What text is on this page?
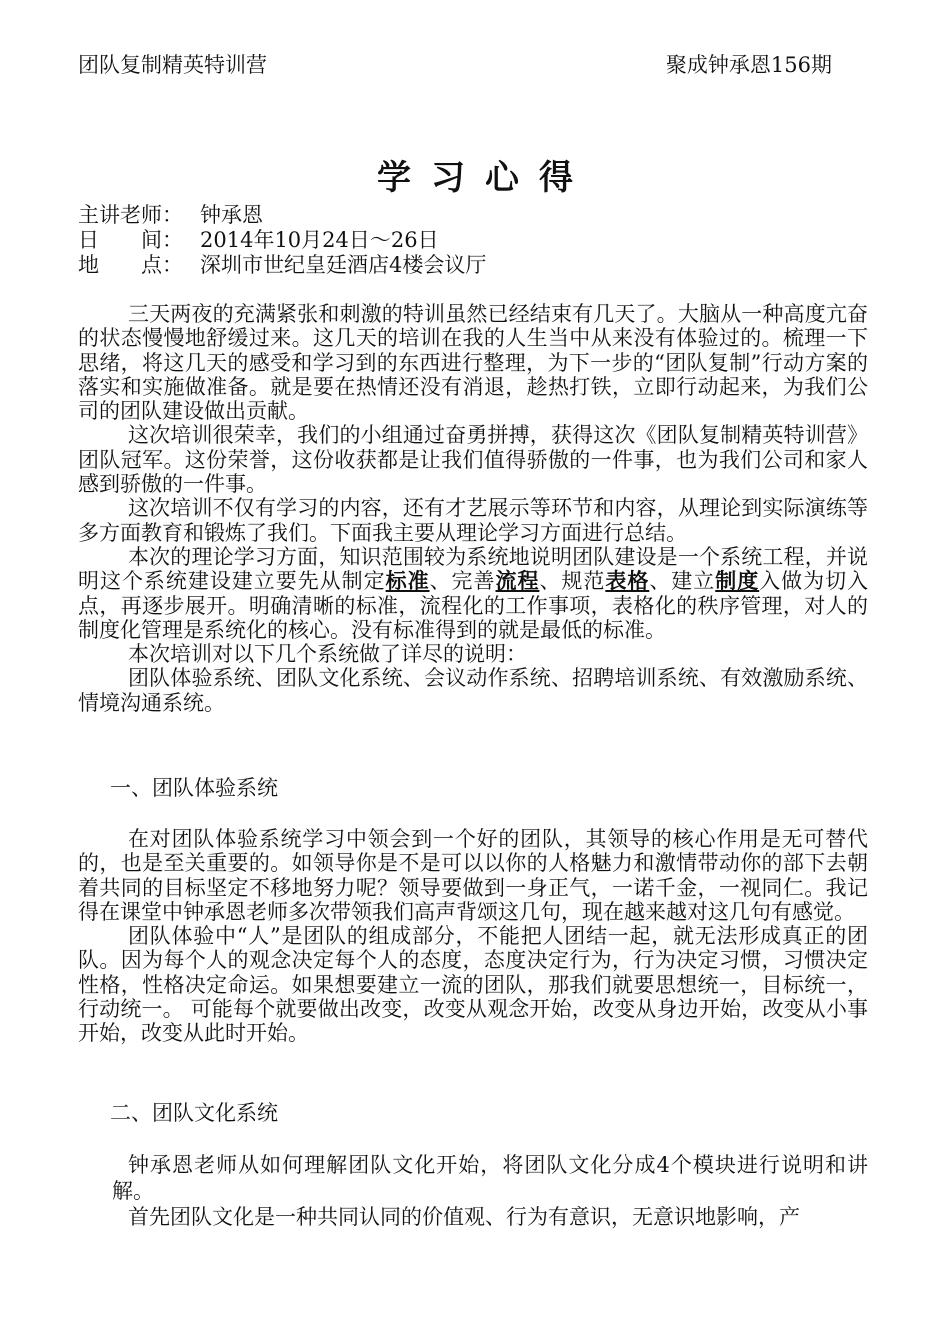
团队复制精英特训营	聚成钟承恩156期
学习心得
主讲老师： 钟承恩
日　　间： 2014年10月24日～26日
地　　点： 深圳市世纪皇廷酒店4楼会议厅

三天两夜的充满紧张和刺激的特训虽然已经结束有几天了。大脑从一种高度亢奋的状态慢慢地舒缓过来。这几天的培训在我的人生当中从来没有体验过的。梳理一下思绪，将这几天的感受和学习到的东西进行整理，为下一步的“团队复制”行动方案的落实和实施做准备。就是要在热情还没有消退，趁热打铁，立即行动起来，为我们公司的团队建设做出贡献。

这次培训很荣幸，我们的小组通过奋勇拼搏，获得这次《团队复制精英特训营》团队冠军。这份荣誉，这份收获都是让我们值得骄傲的一件事，也为我们公司和家人感到骄傲的一件事。

这次培训不仅有学习的内容，还有才艺展示等环节和内容，从理论到实际演练等多方面教育和锻炼了我们。下面我主要从理论学习方面进行总结。

本次的理论学习方面，知识范围较为系统地说明团队建设是一个系统工程，并说明这个系统建设建立要先从制定标准、完善流程、规范表格、建立制度入做为切入点，再逐步展开。明确清晰的标准，流程化的工作事项，表格化的秩序管理，对人的制度化管理是系统化的核心。没有标准得到的就是最低的标准。

本次培训对以下几个系统做了详尽的说明：

团队体验系统、团队文化系统、会议动作系统、招聘培训系统、有效激励系统、情境沟通系统。

一、团队体验系统

在对团队体验系统学习中领会到一个好的团队，其领导的核心作用是无可替代的，也是至关重要的。如领导你是不是可以以你的人格魅力和激情带动你的部下去朝着共同的目标坚定不移地努力呢？领导要做到一身正气，一诺千金，一视同仁。我记得在课堂中钟承恩老师多次带领我们高声背颂这几句，现在越来越对这几句有感觉。

团队体验中“人”是团队的组成部分，不能把人团结一起，就无法形成真正的团队。因为每个人的观念决定每个人的态度，态度决定行为，行为决定习惯，习惯决定性格，性格决定命运。如果想要建立一流的团队，那我们就要思想统一，目标统一，行动统一。 可能每个就要做出改变，改变从观念开始，改变从身边开始，改变从小事开始，改变从此时开始。

二、团队文化系统

钟承恩老师从如何理解团队文化开始，将团队文化分成4个模块进行说明和讲解。

首先团队文化是一种共同认同的价值观、行为有意识，无意识地影响，产
